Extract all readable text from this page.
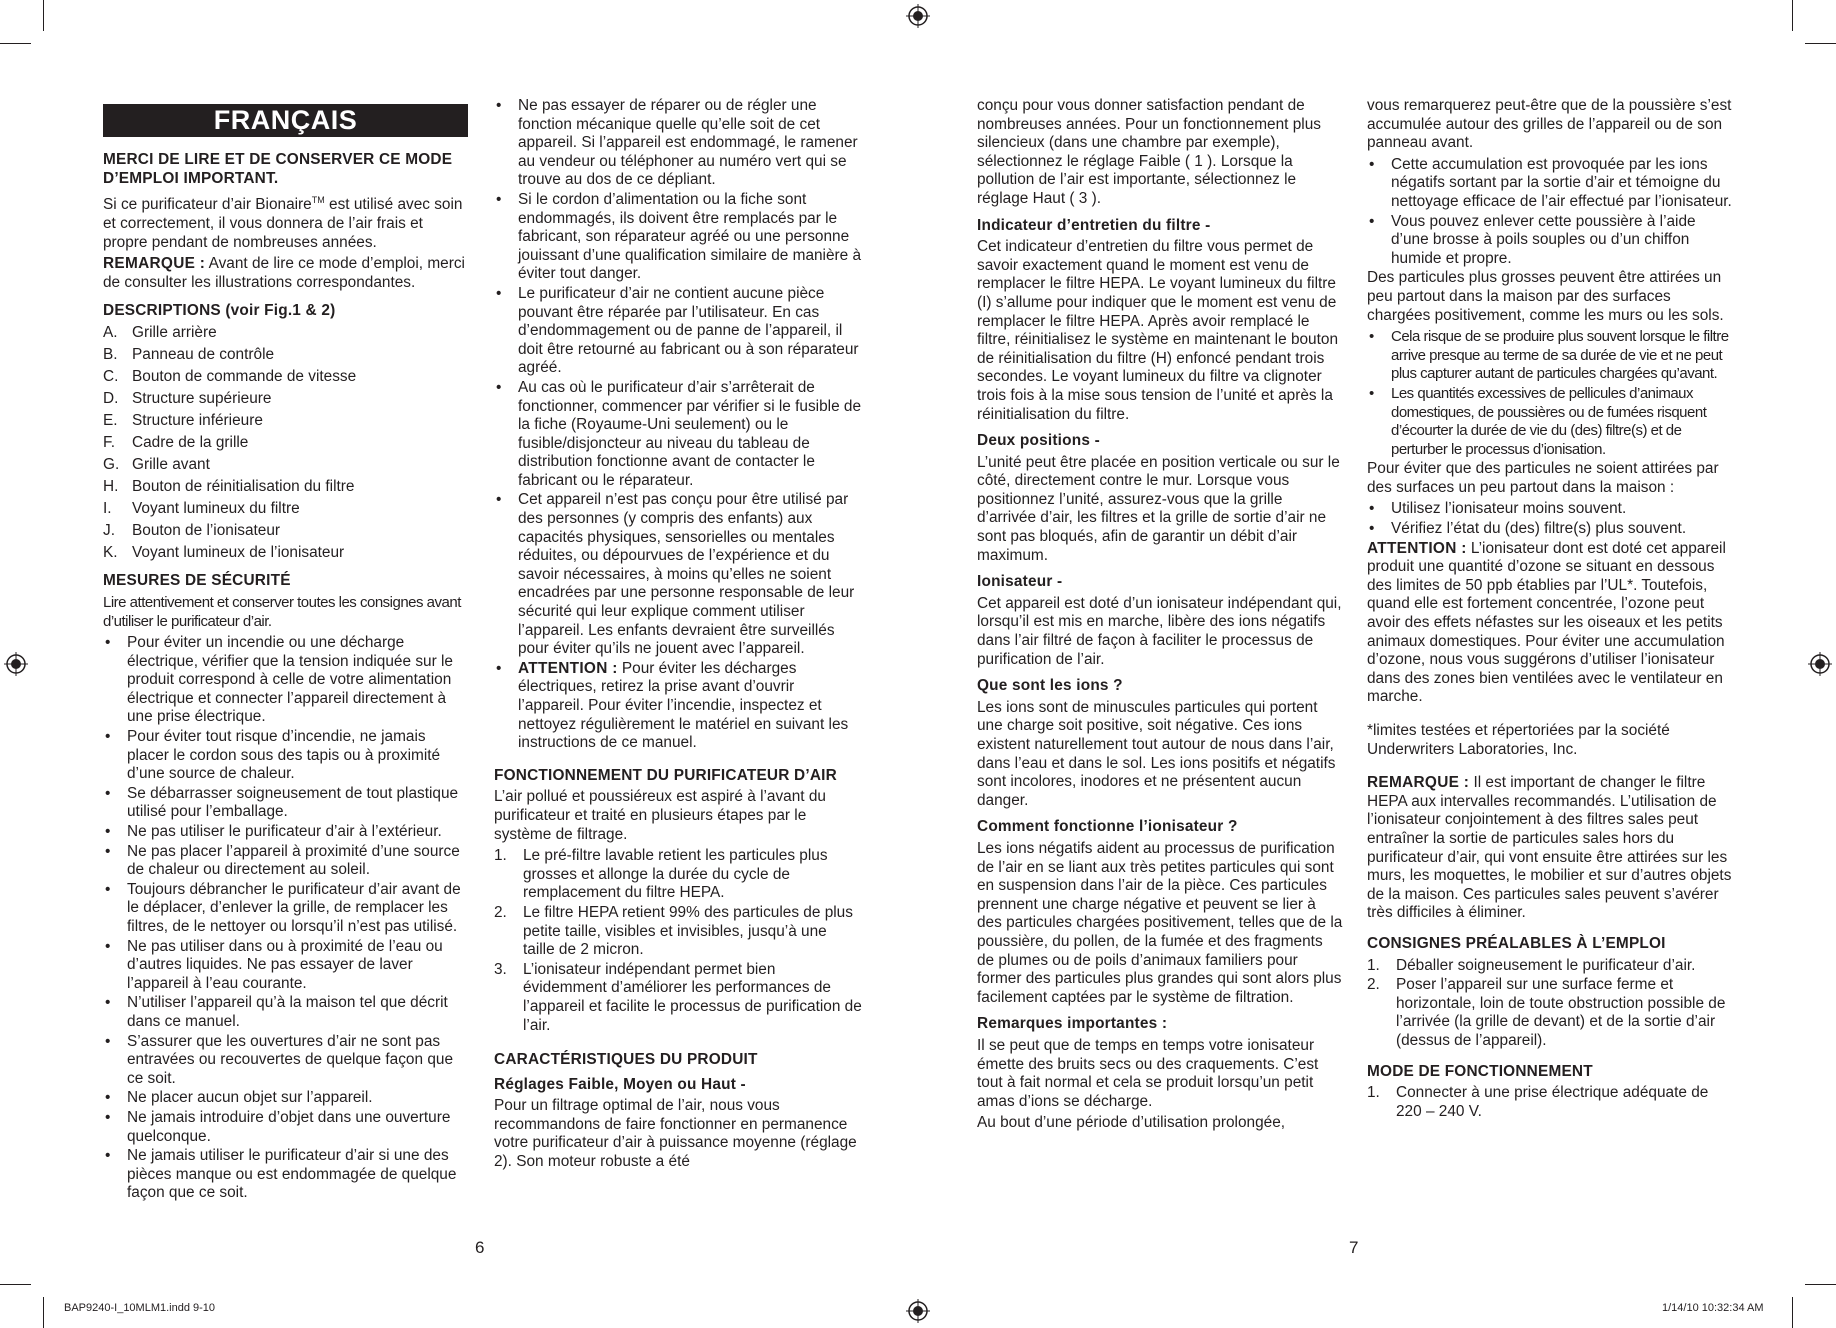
FRANÇAIS
MERCI DE LIRE ET DE CONSERVER CE MODE D’EMPLOI IMPORTANT.

Si ce purificateur d’air Bionaire™ est utilisé avec soin et correctement, il vous donnera de l’air frais et propre pendant de nombreuses années.

REMARQUE : Avant de lire ce mode d’emploi, merci de consulter les illustrations correspondantes.

DESCRIPTIONS (voir Fig.1 & 2)
A. Grille arrière
B. Panneau de contrôle
C. Bouton de commande de vitesse
D. Structure supérieure
E. Structure inférieure
F.	Cadre de la grille
G. Grille avant
H. Bouton de réinitialisation du filtre
I.	Voyant lumineux du filtre
J.	Bouton de l’ionisateur
K. Voyant lumineux de l’ionisateur
MESURES DE SÉCURITÉ

Lire attentivement et conserver toutes les consignes avant d’utiliser le purificateur d’air.

•	Pour éviter un incendie ou une décharge électrique, vérifier que la tension indiquée sur le produit correspond à celle de votre alimentation électrique et connecter l’appareil directement à une prise électrique.
•	Pour éviter tout risque d’incendie, ne jamais placer le cordon sous des tapis ou à proximité d’une source de chaleur.
•	Se débarrasser soigneusement de tout plastique utilisé pour l’emballage.
•	Ne pas utiliser le purificateur d’air à l’extérieur.
•	Ne pas placer l’appareil à proximité d’une source de chaleur ou directement au soleil.
•	Toujours débrancher le purificateur d’air avant de le déplacer, d’enlever la grille, de remplacer les filtres, de le nettoyer ou lorsqu’il n’est pas utilisé.
•	Ne pas utiliser dans ou à proximité de l’eau ou d’autres liquides. Ne pas essayer de laver l’appareil à l’eau courante.
•	N’utiliser l’appareil qu’à la maison tel que décrit dans ce manuel.
•	S’assurer que les ouvertures d’air ne sont pas entravées ou recouvertes de quelque façon que ce soit.
•	Ne placer aucun objet sur l’appareil.
•	Ne jamais introduire d’objet dans une ouverture quelconque.
•	Ne jamais utiliser le purificateur d’air si une des pièces manque ou est endommagée de quelque façon que ce soit.
•	Ne pas essayer de réparer ou de régler une fonction mécanique quelle qu’elle soit de cet appareil. Si l’appareil est endommagé, le ramener au vendeur ou téléphoner au numéro vert qui se trouve au dos de ce dépliant.
•	Si le cordon d’alimentation ou la fiche sont endommagés, ils doivent être remplacés par le fabricant, son réparateur agréé ou une personne jouissant d’une qualification similaire de manière à éviter tout danger.
•	Le purificateur d’air ne contient aucune pièce pouvant être réparée par l’utilisateur. En cas d’endommagement ou de panne de l’appareil, il doit être retourné au fabricant ou à son réparateur agréé.
•	Au cas où le purificateur d’air s’arrêterait de fonctionner, commencer par vérifier si le fusible de la fiche (Royaume-Uni seulement) ou le fusible/disjoncteur au niveau du tableau de distribution fonctionne avant de contacter le fabricant ou le réparateur.
•	Cet appareil n’est pas conçu pour être utilisé par des personnes (y compris des enfants) aux capacités physiques, sensorielles ou mentales réduites, ou dépourvues de l’expérience et du savoir nécessaires, à moins qu’elles ne soient encadrées par une personne responsable de leur sécurité qui leur explique comment utiliser l’appareil. Les enfants devraient être surveillés pour éviter qu’ils ne jouent avec l’appareil.
•	ATTENTION : Pour éviter les décharges électriques, retirez la prise avant d’ouvrir l’appareil. Pour éviter l’incendie, inspectez et nettoyez régulièrement le matériel en suivant les instructions de ce manuel.
FONCTIONNEMENT DU PURIFICATEUR D’AIR

L’air pollué et poussiéreux est aspiré à l’avant du purificateur et traité en plusieurs étapes par le système de filtrage.

1.	Le pré-filtre lavable retient les particules plus grosses et allonge la durée du cycle de remplacement du filtre HEPA.
2.	Le filtre HEPA retient 99% des particules de plus petite taille, visibles et invisibles, jusqu’à une taille de 2 micron.
3.	L’ionisateur indépendant permet bien évidemment d’améliorer les performances de l’appareil et facilite le processus de purification de l’air.
CARACTÉRISTIQUES DU PRODUIT
Réglages Faible, Moyen ou Haut -

Pour un filtrage optimal de l’air, nous vous recommandons de faire fonctionner en permanence votre purificateur d’air à puissance moyenne (réglage 2). Son moteur robuste a été

conçu pour vous donner satisfaction pendant de nombreuses années. Pour un fonctionnement plus silencieux (dans une chambre par exemple), sélectionnez le réglage Faible ( 1 ). Lorsque la pollution de l’air est importante, sélectionnez le réglage Haut ( 3 ).

Indicateur d’entretien du filtre -

Cet indicateur d’entretien du filtre vous permet de savoir exactement quand le moment est venu de remplacer le filtre HEPA. Le voyant lumineux du filtre (I) s’allume pour indiquer que le moment est venu de remplacer le filtre HEPA. Après avoir remplacé le filtre, réinitialisez le système en maintenant le bouton de réinitialisation du filtre (H) enfoncé pendant trois secondes. Le voyant lumineux du filtre va clignoter trois fois à la mise sous tension de l’unité et après la réinitialisation du filtre.

Deux positions -

L’unité peut être placée en position verticale ou sur le côté, directement contre le mur. Lorsque vous positionnez l’unité, assurez-vous que la grille d’arrivée d’air, les filtres et la grille de sortie d’air ne sont pas bloqués, afin de garantir un débit d’air maximum.

Ionisateur -

Cet appareil est doté d’un ionisateur indépendant qui, lorsqu’il est mis en marche, libère des ions négatifs dans l’air filtré de façon à faciliter le processus de purification de l’air.

Que sont les ions ?

Les ions sont de minuscules particules qui portent une charge soit positive, soit négative. Ces ions existent naturellement tout autour de nous dans l’air, dans l’eau et dans le sol. Les ions positifs et négatifs sont incolores, inodores et ne présentent aucun danger.

Comment fonctionne l’ionisateur ?

Les ions négatifs aident au processus de purification de l’air en se liant aux très petites particules qui sont en suspension dans l’air de la pièce. Ces particules prennent une charge négative et peuvent se lier à des particules chargées positivement, telles que de la poussière, du pollen, de la fumée et des fragments de plumes ou de poils d’animaux familiers pour former des particules plus grandes qui sont alors plus facilement captées par le système de filtration.

Remarques importantes :

Il se peut que de temps en temps votre ionisateur émette des bruits secs ou des craquements. C’est tout à fait normal et cela se produit lorsqu’un petit amas d’ions se décharge.

Au bout d’une période d’utilisation prolongée,

vous remarquerez peut-être que de la poussière s’est accumulée autour des grilles de l’appareil ou de son panneau avant.

•	Cette accumulation est provoquée par les ions négatifs sortant par la sortie d’air et témoigne du nettoyage efficace de l’air effectué par l’ionisateur.
•	Vous pouvez enlever cette poussière à l’aide d’une brosse à poils souples ou d’un chiffon humide et propre.

Des particules plus grosses peuvent être attirées un peu partout dans la maison par des surfaces chargées positivement, comme les murs ou les sols.

•	Cela risque de se produire plus souvent lorsque le filtre arrive presque au terme de sa durée de vie et ne peut plus capturer autant de particules chargées qu’avant.
•	Les quantités excessives de pellicules d’animaux domestiques, de poussières ou de fumées risquent d’écourter la durée de vie du (des) filtre(s) et de perturber le processus d’ionisation.

Pour éviter que des particules ne soient attirées par des surfaces un peu partout dans la maison :

•	Utilisez l’ionisateur moins souvent.
•	Vérifiez l’état du (des) filtre(s) plus souvent.

ATTENTION : L’ionisateur dont est doté cet appareil produit une quantité d’ozone se situant en dessous des limites de 50 ppb établies par l’UL*. Toutefois, quand elle est fortement concentrée, l’ozone peut avoir des effets néfastes sur les oiseaux et les petits animaux domestiques. Pour éviter une accumulation d’ozone, nous vous suggérons d’utiliser l’ionisateur dans des zones bien ventilées avec le ventilateur en marche.

*limites testées et répertoriées par la société Underwriters Laboratories, Inc.

REMARQUE : Il est important de changer le filtre HEPA aux intervalles recommandés. L’utilisation de l’ionisateur conjointement à des filtres sales peut entraîner la sortie de particules sales hors du purificateur d’air, qui vont ensuite être attirées sur les murs, les moquettes, le mobilier et sur d’autres objets de la maison. Ces particules sales peuvent s’avérer très difficiles à éliminer.

CONSIGNES PRÉALABLES À L’EMPLOI
1.	Déballer soigneusement le purificateur d’air.
2.	Poser l’appareil sur une surface ferme et horizontale, loin de toute obstruction possible de l’arrivée (la grille de devant) et de la sortie d’air (dessus de l’appareil).
MODE DE FONCTIONNEMENT
1.	Connecter à une prise électrique adéquate de 220 – 240 V.
6	7
BAP9240-I_10MLM1.indd 9-10	1/14/10 10:32:34 AM
